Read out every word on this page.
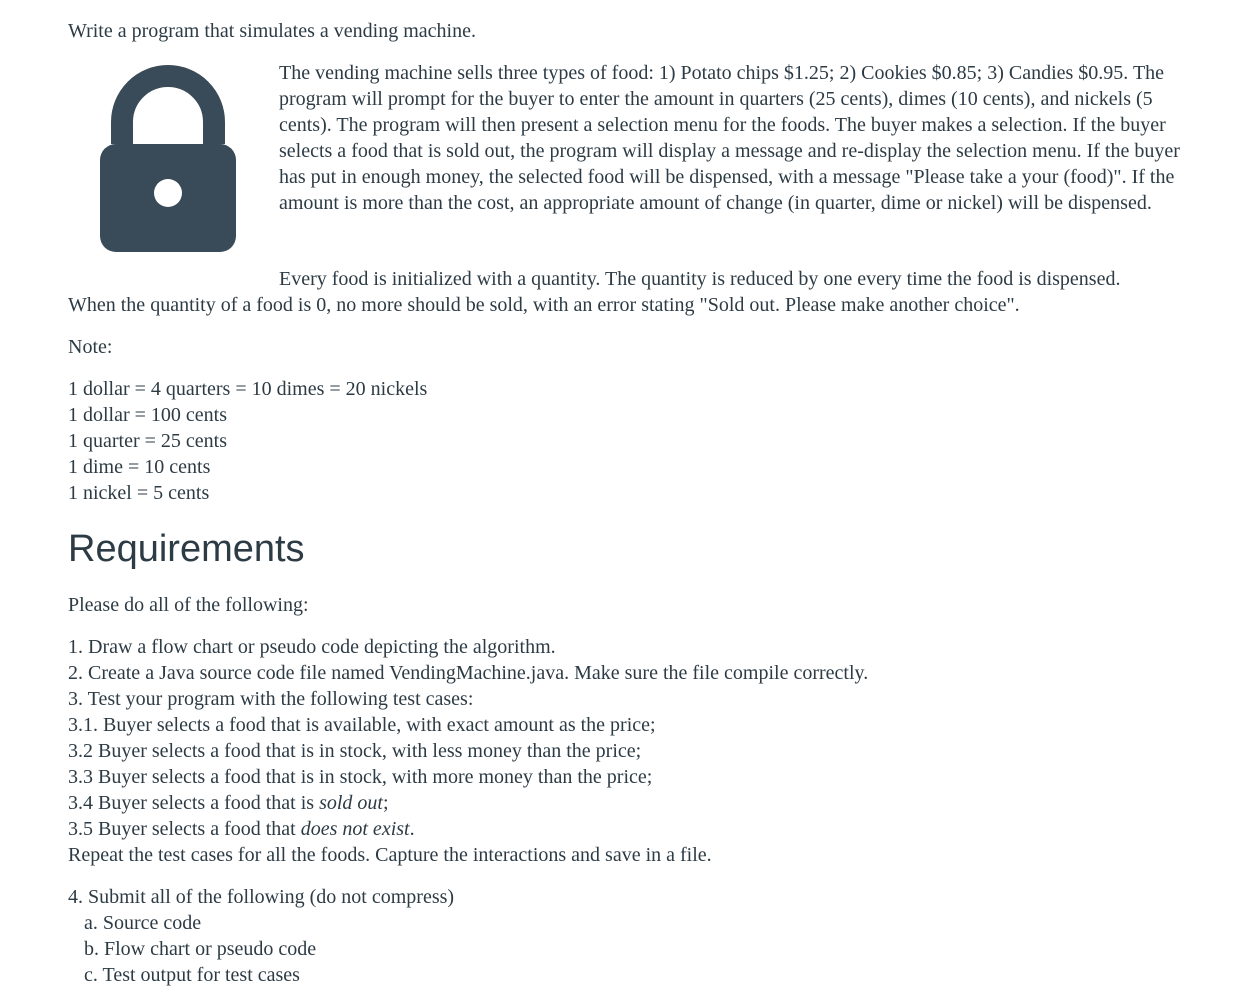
Write a program that simulates a vending machine.

The vending machine sells three types of food: 1) Potato chips $1.25; 2) Cookies $0.85; 3) Candies $0.95. The program will prompt for the buyer to enter the amount in quarters (25 cents), dimes (10 cents), and nickels (5 cents). The program will then present a selection menu for the foods. The buyer makes a selection. If the buyer selects a food that is sold out, the program will display a message and re-display the selection menu. If the buyer has put in enough money, the selected food will be dispensed, with a message "Please take a your (food)". If the amount is more than the cost, an appropriate amount of change (in quarter, dime or nickel) will be dispensed.

Every food is initialized with a quantity. The quantity is reduced by one every time the food is dispensed.
When the quantity of a food is 0, no more should be sold, with an error stating "Sold out. Please make another choice".

Note:

1 dollar = 4 quarters = 10 dimes = 20 nickels
1 dollar = 100 cents
1 quarter = 25 cents
1 dime = 10 cents
1 nickel = 5 cents
Requirements

Please do all of the following:

1. Draw a flow chart or pseudo code depicting the algorithm.
2. Create a Java source code file named VendingMachine.java. Make sure the file compile correctly.
3. Test your program with the following test cases:
3.1. Buyer selects a food that is available, with exact amount as the price;
3.2 Buyer selects a food that is in stock, with less money than the price;
3.3 Buyer selects a food that is in stock, with more money than the price;
3.4 Buyer selects a food that is sold out;
3.5 Buyer selects a food that does not exist.
Repeat the test cases for all the foods. Capture the interactions and save in a file.
4. Submit all of the following (do not compress)
a. Source code
b. Flow chart or pseudo code
c. Test output for test cases
